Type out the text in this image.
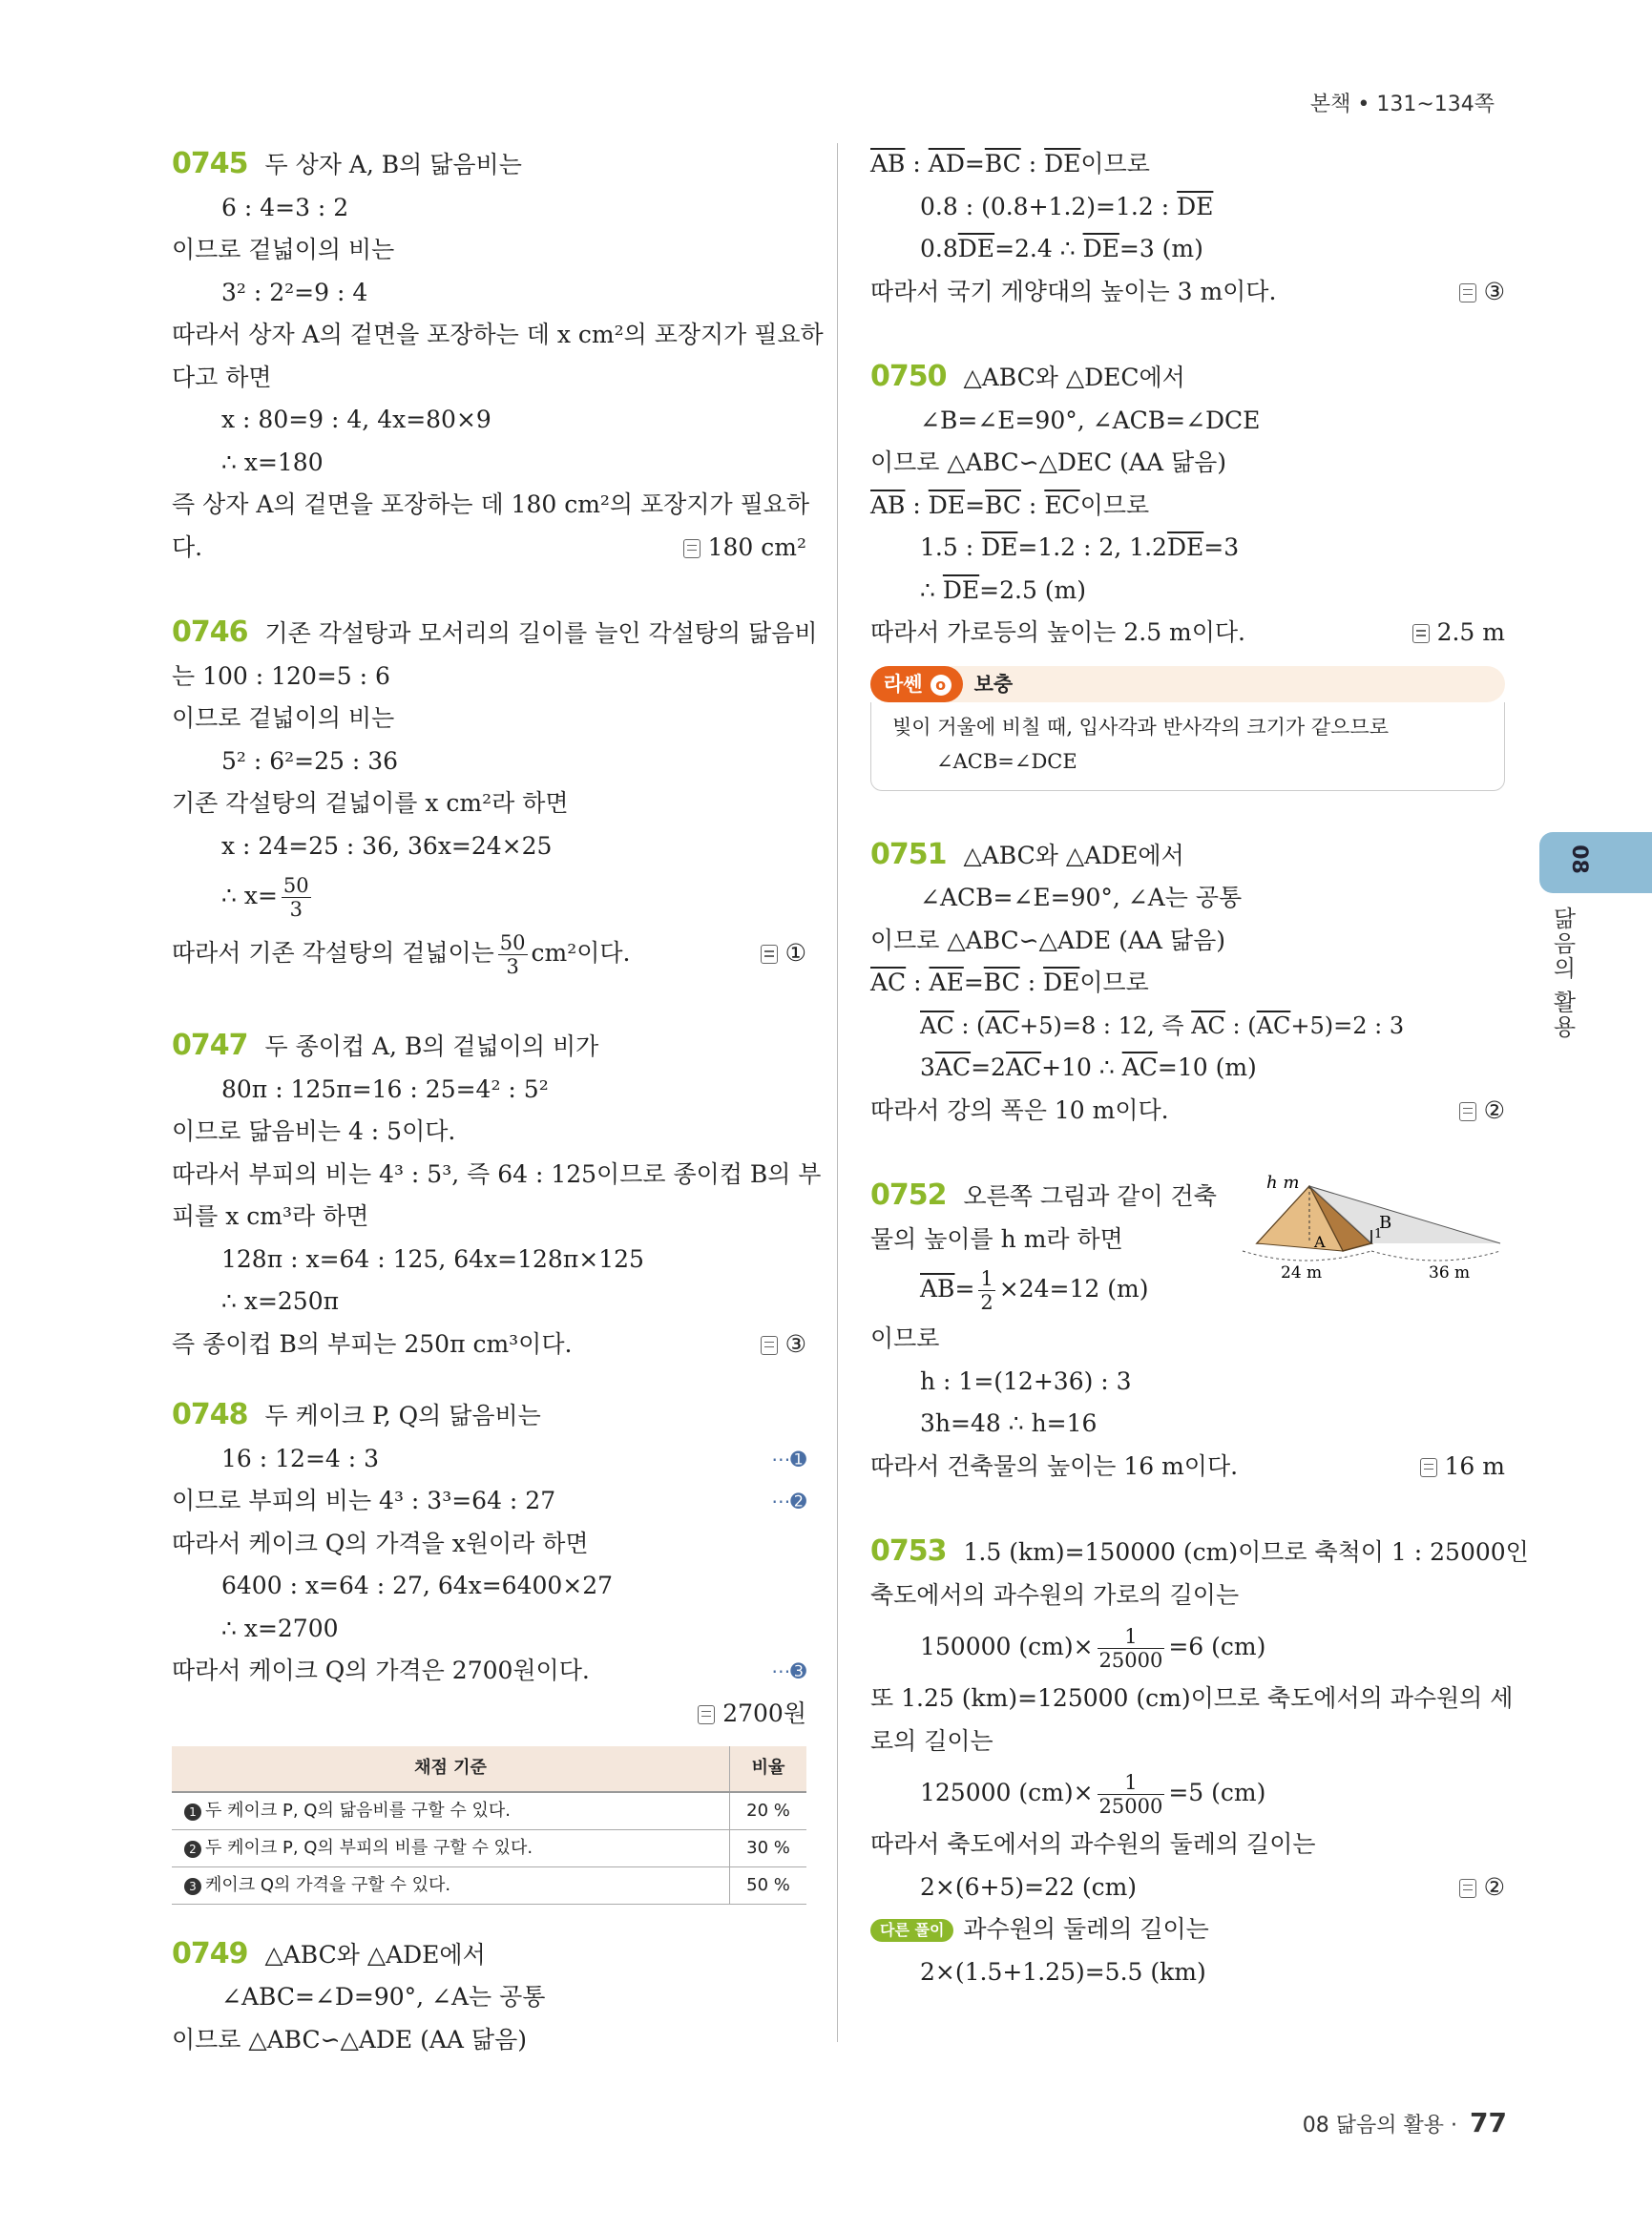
본책 • 131~134쪽
0745 두 상자 A, B의 닮음비는
6 : 4=3 : 2
이므로 겉넓이의 비는
3² : 2²=9 : 4
따라서 상자 A의 겉면을 포장하는 데 x cm²의 포장지가 필요하
다고 하면
x : 80=9 : 4, 4x=80×9
∴ x=180
즉 상자 A의 겉면을 포장하는 데 180 cm²의 포장지가 필요하
다.	180 cm²
0746 기존 각설탕과 모서리의 길이를 늘인 각설탕의 닮음비
는 100 : 120=5 : 6
이므로 겉넓이의 비는
5² : 6²=25 : 36
기존 각설탕의 겉넓이를 x cm²라 하면
x : 24=25 : 36, 36x=24×25
∴ $x= \frac{50}{3}$
따라서 기존 각설탕의 겉넓이는 $\frac{50}{3} cm^2$이다.	①
0747 두 종이컵 A, B의 겉넓이의 비가
80π : 125π=16 : 25=4² : 5²
이므로 닮음비는 4 : 5이다.
따라서 부피의 비는 4³ : 5³, 즉 64 : 125이므로 종이컵 B의 부
피를 x cm³라 하면
128π : x=64 : 125, 64x=128π×125
∴ x=250π
즉 종이컵 B의 부피는 250π cm³이다.	③
0748 두 케이크 P, Q의 닮음비는
16 : 12=4 : 3	⋯➊
이므로 부피의 비는 4³ : 3³=64 : 27	⋯➋
따라서 케이크 Q의 가격을 x원이라 하면
6400 : x=64 : 27, 64x=6400×27
∴ x=2700
따라서 케이크 Q의 가격은 2700원이다.	⋯➌
2700원
채점 기준	비율
1 두 케이크 P, Q의 닮음비를 구할 수 있다.	20 %
2 두 케이크 P, Q의 부피의 비를 구할 수 있다.	30 %
3 케이크 Q의 가격을 구할 수 있다.	50 %
0749 △ABC와 △ADE에서
∠ABC=∠D=90°, ∠A는 공통
이므로 △ABC∽△ADE (AA 닮음)
$\overline{AB}$ : $\overline{AD}=\overline{BC}$ : $\overline{DE}$이므로
0.8 : (0.8+1.2)=1.2 : $\overline{DE}$
$0.8\overline{DE}=2.4$ ∴ $\overline{DE}=3$ (m)
따라서 국기 게양대의 높이는 3 m이다.	③
0750 △ABC와 △DEC에서
∠B=∠E=90°, ∠ACB=∠DCE
이므로 △ABC∽△DEC (AA 닮음)
$\overline{AB}$ : $\overline{DE}=\overline{BC}$ : $\overline{EC}$이므로
1.5 : $\overline{DE}=1.2$ : 2, $1.2\overline{DE}=3$
∴ $\overline{DE}=2.5$ (m)
따라서 가로등의 높이는 2.5 m이다.	2.5 m
라쎈 o 보충
빛이 거울에 비칠 때, 입사각과 반사각의 크기가 같으므로
∠ACB=∠DCE
0751 △ABC와 △ADE에서
∠ACB=∠E=90°, ∠A는 공통
이므로 △ABC∽△ADE (AA 닮음)
$\overline{AC}$ : $\overline{AE}=\overline{BC}$ : $\overline{DE}$이므로
$\overline{AC}$ : $(\overline{AC}+5)=8$ : 12, 즉 $\overline{AC}$ : $(\overline{AC}+5)=2$ : 3
$3\overline{AC}=2\overline{AC}+10$ ∴ $\overline{AC}=10$ (m)
따라서 강의 폭은 10 m이다.	②
h m
A
B
1
24 m	36 m
0752 오른쪽 그림과 같이 건축
물의 높이를 h m라 하면
$\overline{AB}= \frac{1}{2} \times 24=12$ (m)
이므로
h : 1=(12+36) : 3
3h=48 ∴ h=16
따라서 건축물의 높이는 16 m이다.	16 m
0753 1.5 (km)=150000 (cm)이므로 축척이 1 : 25000인
축도에서의 과수원의 가로의 길이는
150000 $(cm)\times \frac{1}{25000} =6$ (cm)
또 1.25 (km)=125000 (cm)이므로 축도에서의 과수원의 세
로의 길이는
125000 $(cm)\times \frac{1}{25000} =5$ (cm)
따라서 축도에서의 과수원의 둘레의 길이는
2×(6+5)=22 (cm)	②
다른 풀이 과수원의 둘레의 길이는
2×(1.5+1.25)=5.5 (km)
08
닮음의 활용
08 닮음의 활용 · 77
